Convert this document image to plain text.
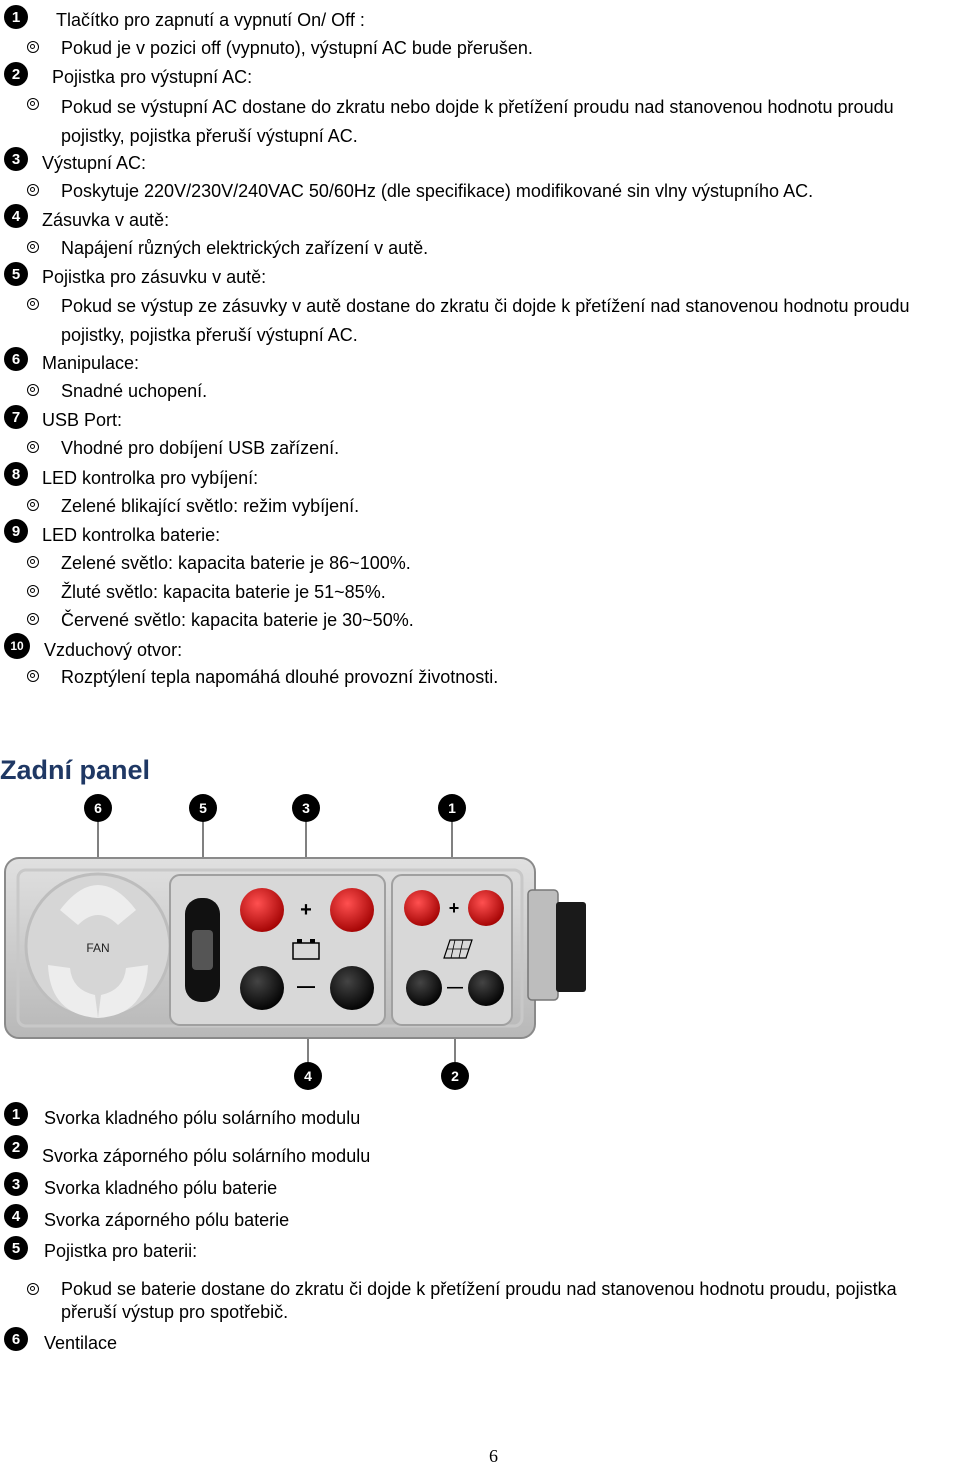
1	Tlačítko pro zapnutí a vypnutí On/ Off :
Pokud je v pozici off (vypnuto), výstupní AC bude přerušen.
2	Pojistka pro výstupní AC:
Pokud se výstupní AC dostane do zkratu nebo dojde k přetížení proudu nad stanovenou hodnotu proudu pojistky, pojistka přeruší výstupní AC.
3	Výstupní AC:
Poskytuje 220V/230V/240VAC 50/60Hz (dle specifikace) modifikované sin vlny výstupního AC.
4	Zásuvka v autě:
Napájení různých elektrických zařízení v autě.
5	Pojistka pro zásuvku v autě:
Pokud se výstup ze zásuvky v autě dostane do zkratu či dojde k přetížení nad stanovenou hodnotu proudu pojistky, pojistka přeruší výstupní AC.
6	Manipulace:
Snadné uchopení.
7	USB Port:
Vhodné pro dobíjení USB zařízení.
8	LED kontrolka pro vybíjení:
Zelené blikající světlo: režim vybíjení.
9	LED kontrolka baterie:
Zelené světlo: kapacita baterie je 86~100%.
Žluté světlo: kapacita baterie je 51~85%.
Červené světlo: kapacita baterie je 30~50%.
10	Vzduchový otvor:
Rozptýlení tepla napomáhá dlouhé provozní životnosti.
Zadní panel
6	5	3	1
FAN
+
—
+
—
4	2
1	Svorka kladného pólu solárního modulu
2	Svorka záporného pólu solárního modulu
3	Svorka kladného pólu baterie
4	Svorka záporného pólu baterie
5	Pojistka pro baterii:
Pokud se baterie dostane do zkratu či dojde k přetížení proudu nad stanovenou hodnotu proudu, pojistka přeruší výstup pro spotřebič.
6	Ventilace
6
